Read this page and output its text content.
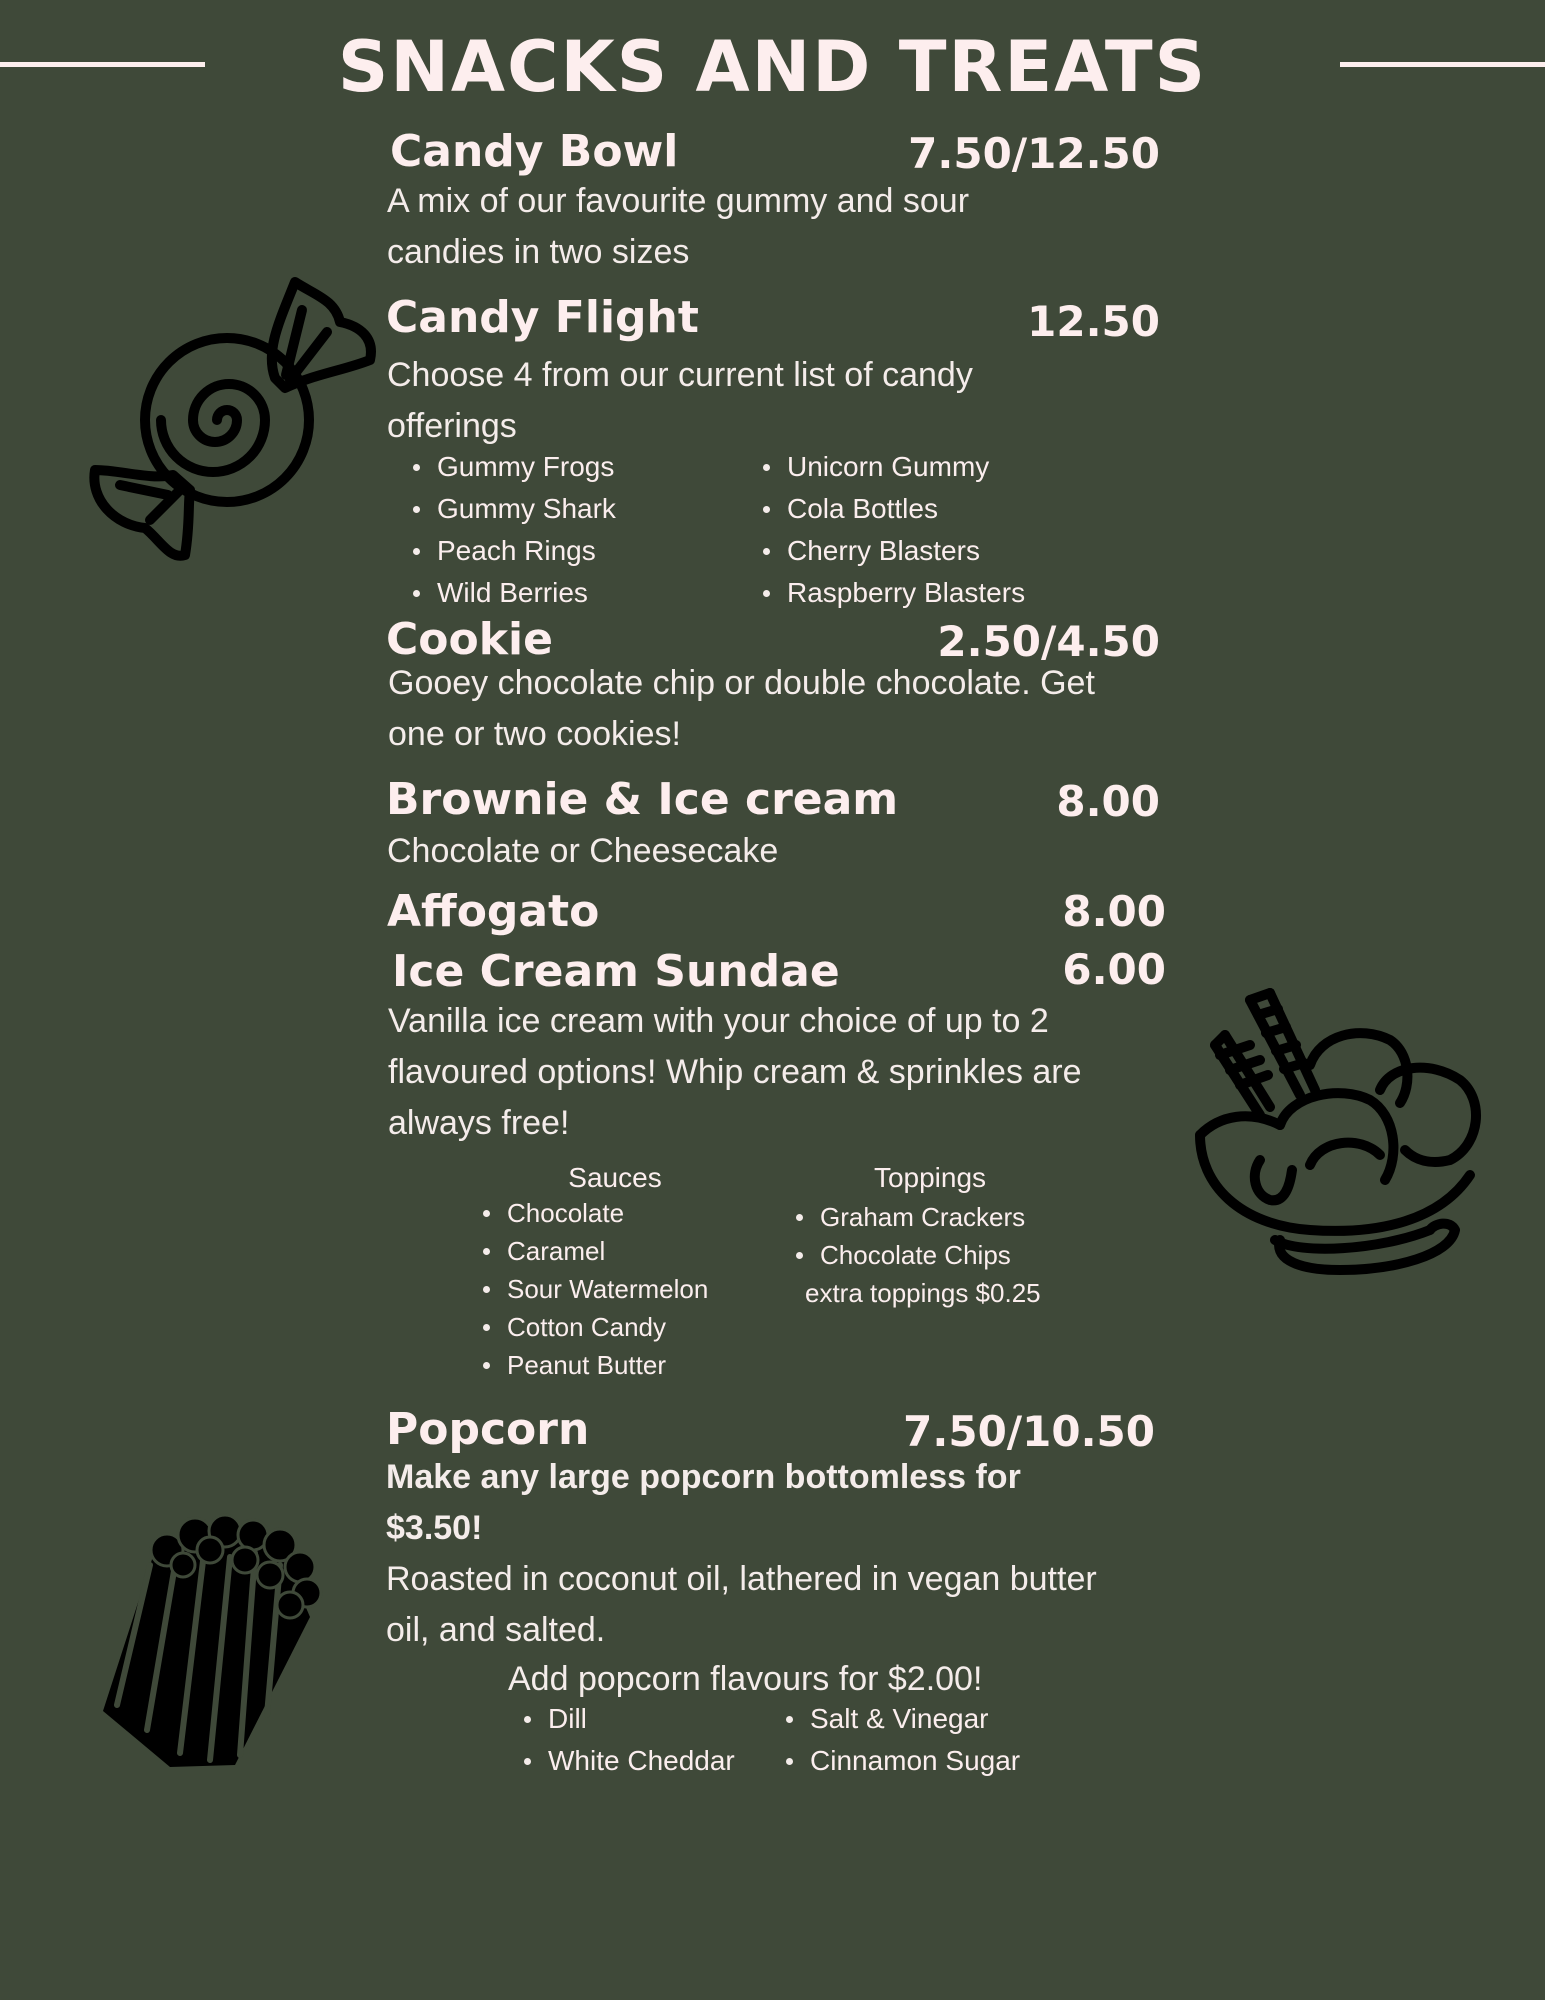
SNACKS AND TREATS
Candy Bowl	7.50/12.50
A mix of our favourite gummy and sour candies in two sizes
Candy Flight	12.50
Choose 4 from our current list of candy offerings
Gummy Frogs
Gummy Shark
Peach Rings
Wild Berries
Unicorn Gummy
Cola Bottles
Cherry Blasters
Raspberry Blasters
Cookie	2.50/4.50
Gooey chocolate chip or double chocolate. Get one or two cookies!
Brownie & Ice cream	8.00
Chocolate or Cheesecake
Affogato	8.00
Ice Cream Sundae	6.00
Vanilla ice cream with your choice of up to 2 flavoured options! Whip cream & sprinkles are always free!
Sauces
Chocolate
Caramel
Sour Watermelon
Cotton Candy
Peanut Butter
Toppings
Graham Crackers
Chocolate Chips
extra toppings $0.25
Popcorn	7.50/10.50
Make any large popcorn bottomless for $3.50!
Roasted in coconut oil, lathered in vegan butter oil, and salted.
Add popcorn flavours for $2.00!
Dill
White Cheddar
Salt & Vinegar
Cinnamon Sugar
